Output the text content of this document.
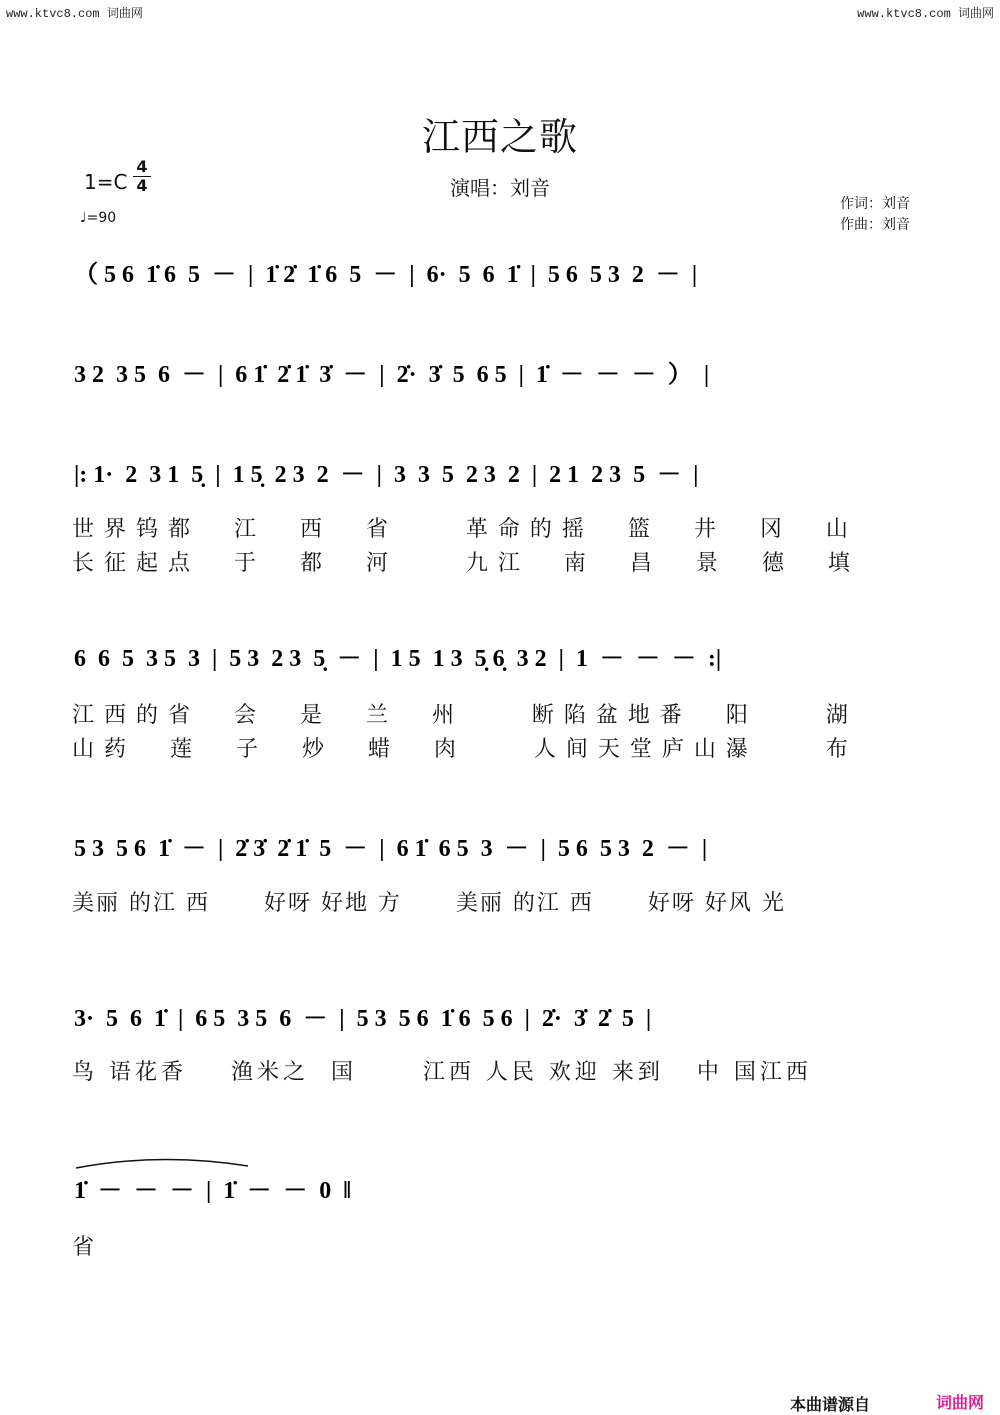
www.ktvc8.com 词曲网	www.ktvc8.com 词曲网
江西之歌
演唱：刘音
1=C
4
4
♩=90
作词：刘音
作曲：刘音
（ 5 6  1̇ 6  5  －  |  1̇ 2̇  1̇ 6  5  －  |  6·  5  6  1̇  |  5 6  5 3  2  －  |
3 2  3 5  6  －  |  6 1̇  2̇ 1̇  3̇  －  |  2̇·  3̇  5  6 5  |  1̇  －  －  －  ）  |
|: 1·  2  3 1  5̣  |  1 5̣  2 3  2  －  |  3  3  5  2 3  2  |  2 1  2 3  5  －  |
世界钨都  江  西  省    革命的摇  篮  井  冈  山
长征起点  于  都  河    九江  南  昌  景  德  填
6  6  5  3 5  3  |  5 3  2 3  5̣  －  |  1 5  1 3  5̣ 6̣  3 2  |  1  －  －  －  :|
江西的省  会  是  兰  州    断陷盆地番  阳    湖
山药  莲  子  炒  蜡  肉    人间天堂庐山瀑    布
5 3  5 6  1̇  －  |  2̇ 3̇  2̇ 1̇  5  －  |  6 1̇  6 5  3  －  |  5 6  5 3  2  －  |
美丽 的江 西      好呀 好地 方      美丽 的江 西      好呀 好风 光
3·  5  6  1̇  |  6 5  3 5  6  －  |  5 3  5 6  1̇ 6  5 6  |  2̇·  3̇  2̇  5  |
鸟 语花香    渔米之  国      江西 人民 欢迎 来到   中 国江西
1̇  －  －  －  |  1̇  －  －  0  ‖
省
本曲谱源自	词曲网
